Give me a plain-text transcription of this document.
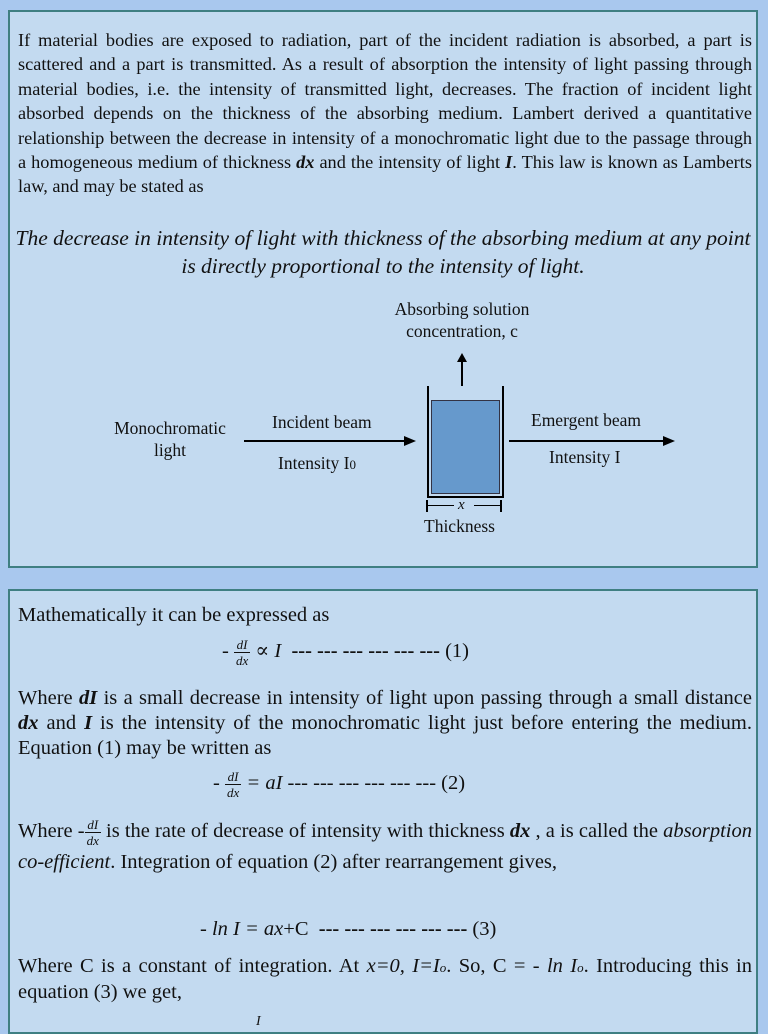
If material bodies are exposed to radiation, part of the incident radiation is absorbed, a part is scattered and a part is transmitted. As a result of absorption the intensity of light passing through material bodies, i.e. the intensity of transmitted light, decreases. The fraction of incident light absorbed depends on the thickness of the absorbing medium. Lambert derived a quantitative relationship between the decrease in intensity of a monochromatic light due to the passage through a homogeneous medium of thickness dx and the intensity of light I. This law is known as Lamberts law, and may be stated as
The decrease in intensity of light with thickness of the absorbing medium at any point is directly proportional to the intensity of light.
Absorbing solution
concentration, c
Monochromatic
light
Incident beam
Intensity I0
x
Thickness
Emergent beam
Intensity I
Mathematically it can be expressed as
- $\frac{dI}{dx} \propto I$ --- --- --- --- --- --- (1)
Where dI is a small decrease in intensity of light upon passing through a small distance dx and I is the intensity of the monochromatic light just before entering the medium. Equation (1) may be written as
- $\frac{dI}{dx}$ = aI --- --- --- --- --- --- (2)
Where - $\frac{dI}{dx}$ is the rate of decrease of intensity with thickness dx , a is called the absorption co-efficient. Integration of equation (2) after rearrangement gives,
- ln I = ax+C --- --- --- --- --- --- (3)
Where C is a constant of integration. At x=0, I=Io. So, C = - ln Io. Introducing this in equation (3) we get,
I
